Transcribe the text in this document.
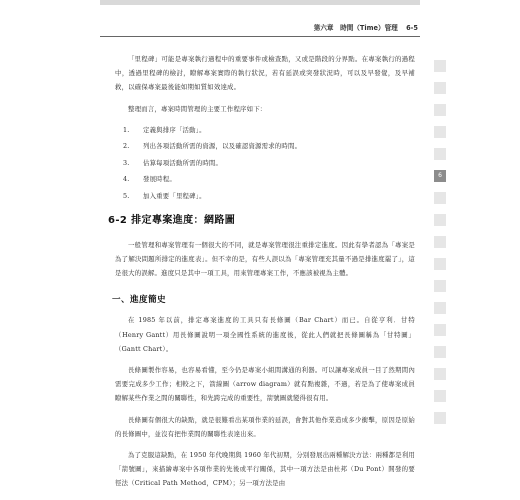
第六章　時間（Time）管理 6-5

「里程碑」可能是專案執行過程中的重要事件或檢查點，又或是階段的分界點。在專案執行的過程中，透過里程碑的檢討，瞭解專案實際的執行狀況，若有延誤或突發狀況時，可以及早發覺，及早補救，以確保專案最後能如期如質如效達成。

整理而言，專案時間管理的主要工作程序如下：

1.	定義與排序「活動」。
2.	列出各項活動所需的資源，以及確認資源需求的時間。
3.	估算每項活動所需的時間。
4.	發展時程。
5.	加入重要「里程碑」。
6-2 排定專案進度：網路圖

一般管理和專案管理有一個很大的不同，就是專案管理很注重排定進度。因此有學者認為「專案是為了解決問題所排定的進度表」。但不幸的是，有些人誤以為「專案管理充其量不過是排進度罷了」，這是很大的誤解。進度只是其中一項工具，用來管理專案工作，不應該被視為主體。

一、進度簡史

在 1985 年以前，排定專案進度的工具只有長條圖（Bar Chart）而已。自從亨利．甘特（Henry Gantt）用長條圖說明一項全國性系統的進度後，從此人們就把長條圖稱為「甘特圖」（Gantt Chart）。

長條圖製作容易，也容易看懂，至今仍是專案小組間溝通的利器。可以讓專案成員一目了然期間內需要完成多少工作；相較之下，箭線圖（arrow diagram）就有點複雜，不過，若是為了使專案成員瞭解某些作業之間的關聯性，和先跨完成的重要性，箭號圖就變得很有用。

長條圖有個很大的缺點，就是很難看出某項作業的延誤，會對其他作業造成多少衝擊，原因是原始的長條圖中，並沒有把作業間的關聯性表達出來。

為了克服這缺點，在 1950 年代晚期與 1960 年代初期，分別發展出兩種解決方法：兩種都是利用「箭號圖」，來描繪專案中各項作業的先後或平行關係，其中一項方法是由杜邦（Du Pont）開發的要徑法（Critical Path Method，CPM）；另一項方法是由

6
